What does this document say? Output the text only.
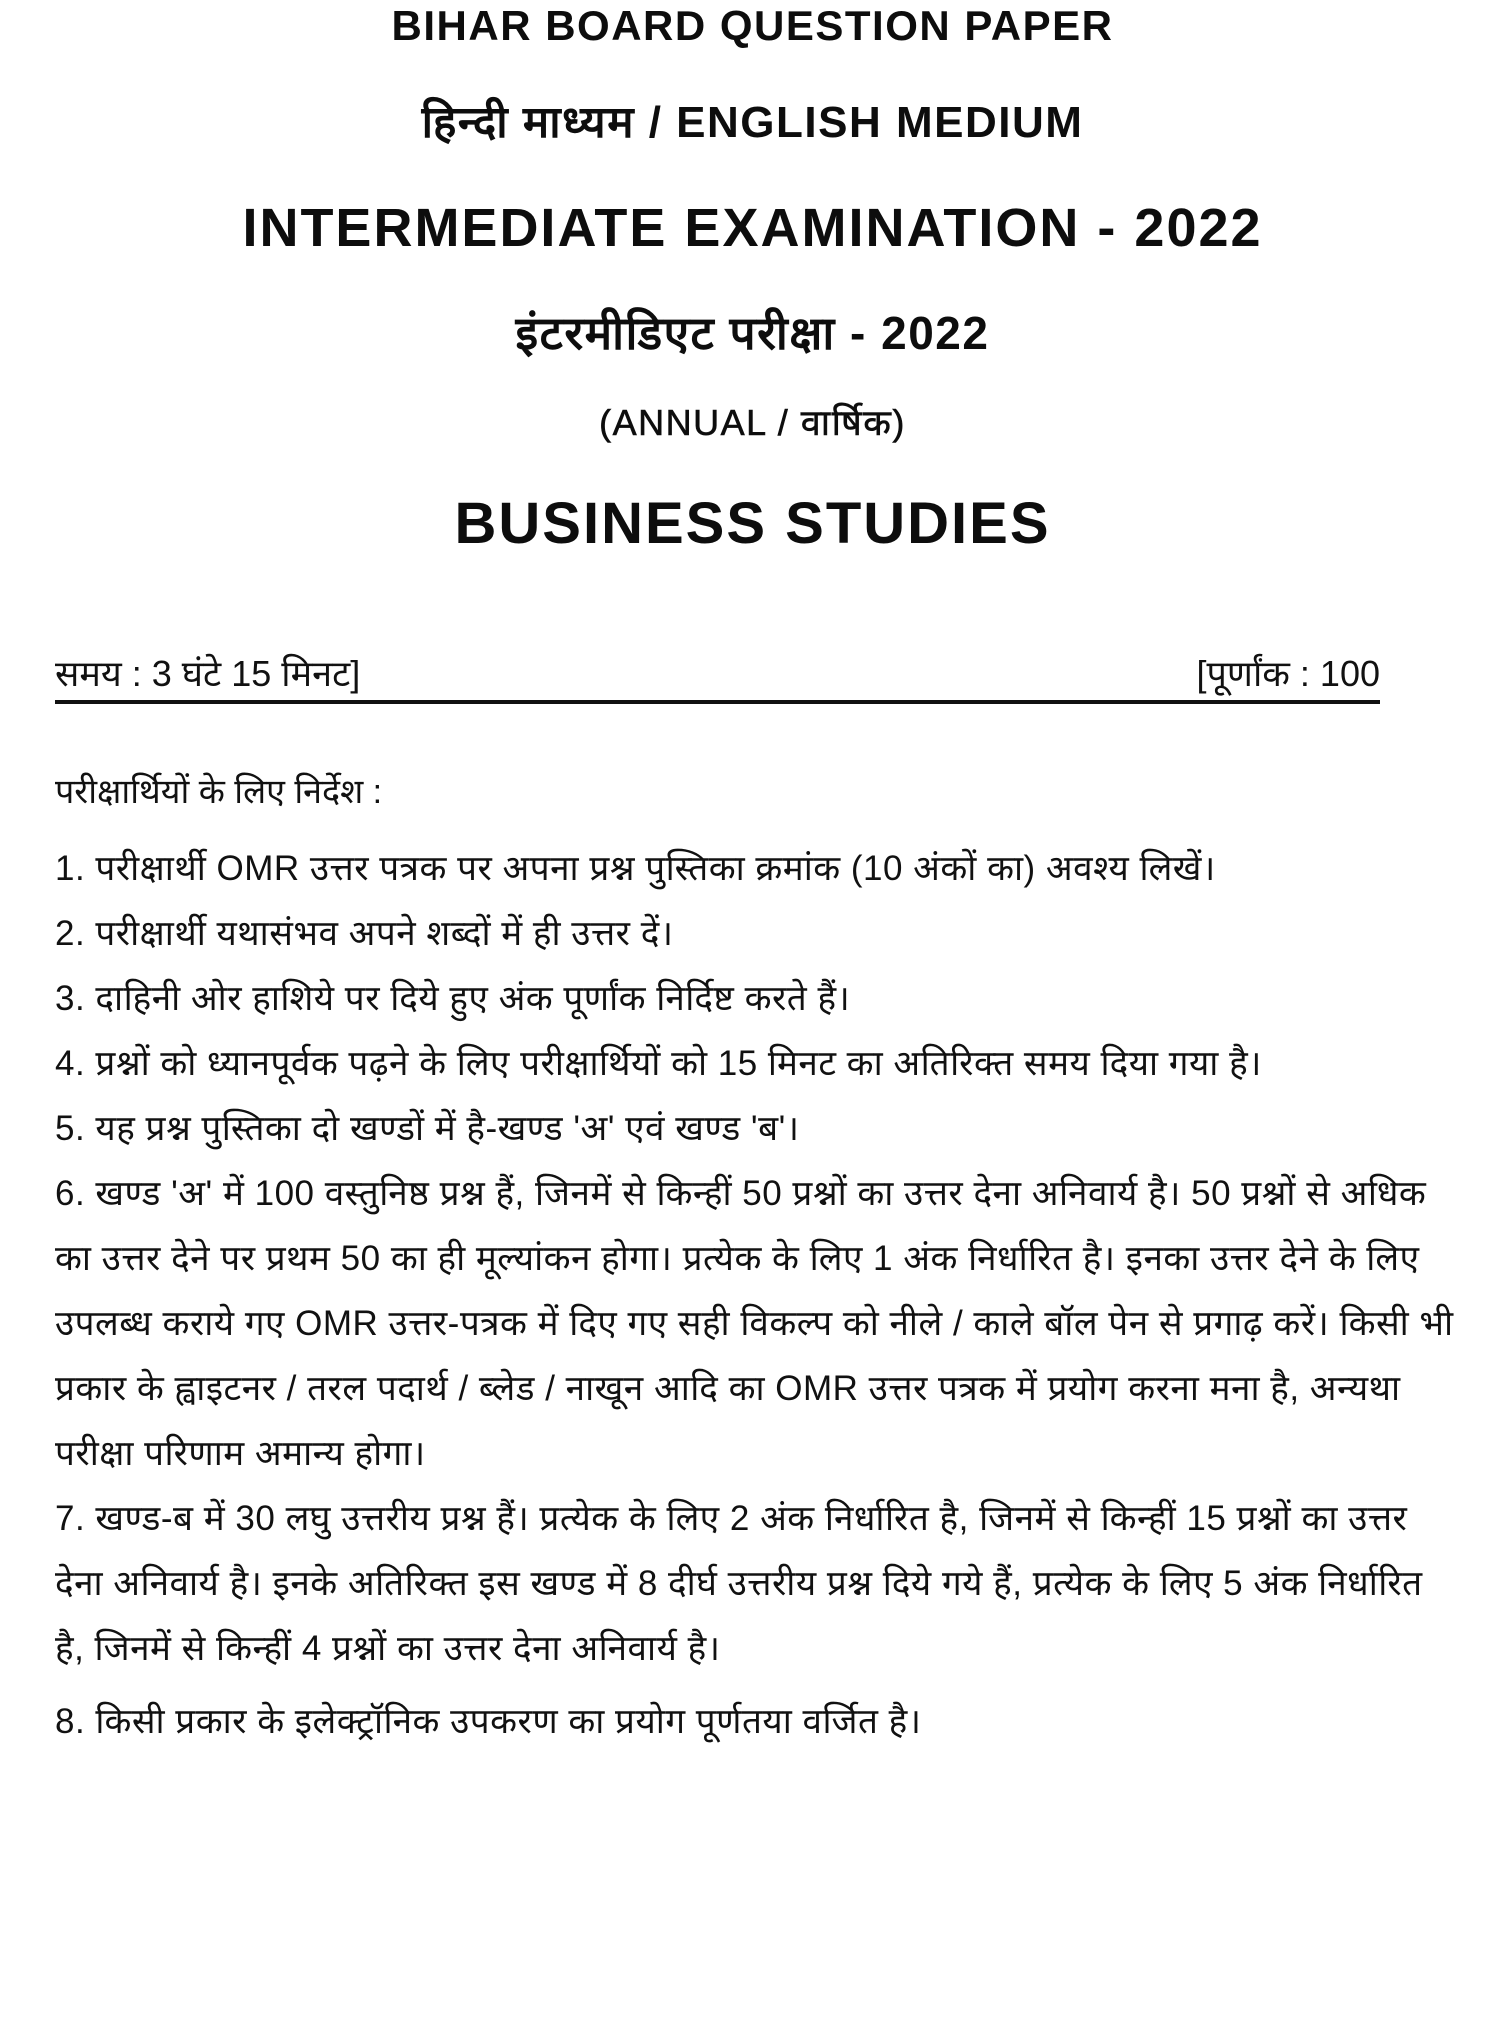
BIHAR BOARD QUESTION PAPER
हिन्दी माध्यम / ENGLISH MEDIUM
INTERMEDIATE EXAMINATION - 2022
इंटरमीडिएट परीक्षा - 2022
(ANNUAL / वार्षिक)
BUSINESS STUDIES
समय : 3 घंटे 15 मिनट]	[पूर्णांक : 100
परीक्षार्थियों के लिए निर्देश :

1. परीक्षार्थी OMR उत्तर पत्रक पर अपना प्रश्न पुस्तिका क्रमांक (10 अंकों का) अवश्य लिखें।

2. परीक्षार्थी यथासंभव अपने शब्दों में ही उत्तर दें।

3. दाहिनी ओर हाशिये पर दिये हुए अंक पूर्णांक निर्दिष्ट करते हैं।

4. प्रश्नों को ध्यानपूर्वक पढ़ने के लिए परीक्षार्थियों को 15 मिनट का अतिरिक्त समय दिया गया है।

5. यह प्रश्न पुस्तिका दो खण्डों में है-खण्ड 'अ' एवं खण्ड 'ब'।

6. खण्ड 'अ' में 100 वस्तुनिष्ठ प्रश्न हैं, जिनमें से किन्हीं 50 प्रश्नों का उत्तर देना अनिवार्य है। 50 प्रश्नों से अधिक का उत्तर देने पर प्रथम 50 का ही मूल्यांकन होगा। प्रत्येक के लिए 1 अंक निर्धारित है। इनका उत्तर देने के लिए उपलब्ध कराये गए OMR उत्तर-पत्रक में दिए गए सही विकल्प को नीले / काले बॉल पेन से प्रगाढ़ करें। किसी भी प्रकार के ह्वाइटनर / तरल पदार्थ / ब्लेड / नाखून आदि का OMR उत्तर पत्रक में प्रयोग करना मना है, अन्यथा परीक्षा परिणाम अमान्य होगा।

7. खण्ड-ब में 30 लघु उत्तरीय प्रश्न हैं। प्रत्येक के लिए 2 अंक निर्धारित है, जिनमें से किन्हीं 15 प्रश्नों का उत्तर देना अनिवार्य है। इनके अतिरिक्त इस खण्ड में 8 दीर्घ उत्तरीय प्रश्न दिये गये हैं, प्रत्येक के लिए 5 अंक निर्धारित है, जिनमें से किन्हीं 4 प्रश्नों का उत्तर देना अनिवार्य है।

8. किसी प्रकार के इलेक्ट्रॉनिक उपकरण का प्रयोग पूर्णतया वर्जित है।
